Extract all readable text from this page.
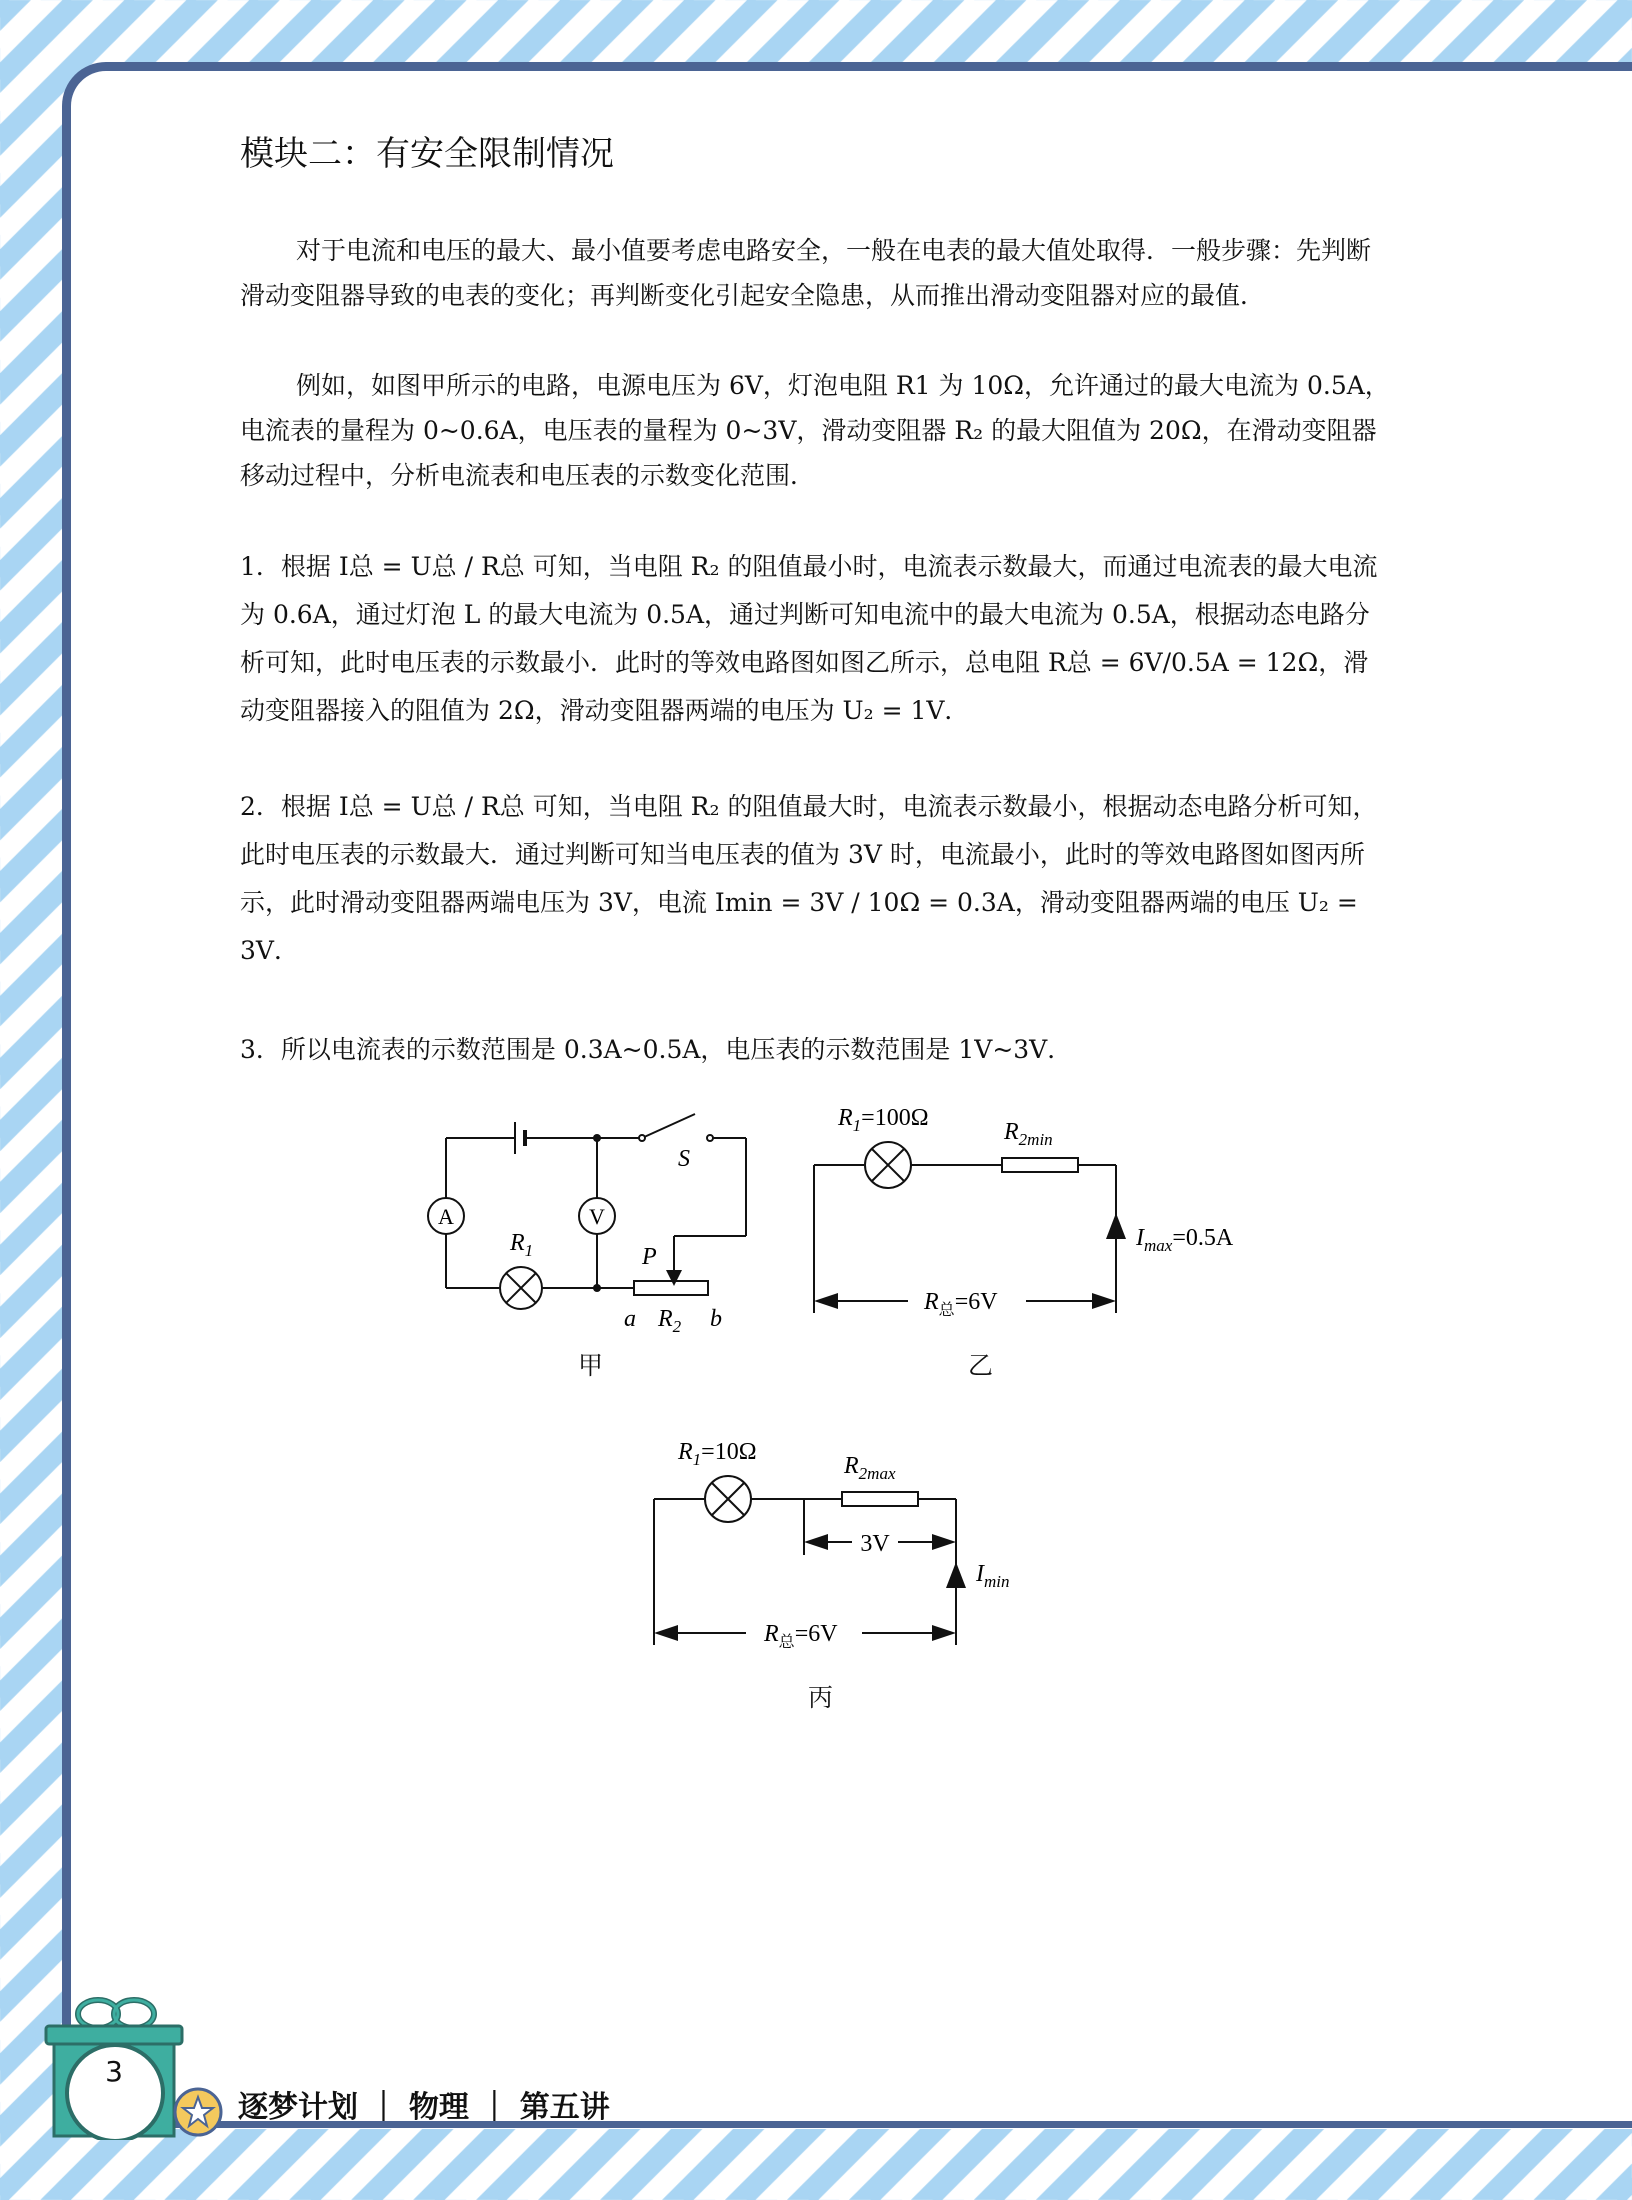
模块二：有安全限制情况

对于电流和电压的最大、最小值要考虑电路安全，一般在电表的最大值处取得．一般步骤：先判断滑动变阻器导致的电表的变化；再判断变化引起安全隐患，从而推出滑动变阻器对应的最值．

例如，如图甲所示的电路，电源电压为 6V，灯泡电阻 R1 为 10Ω，允许通过的最大电流为 0.5A，电流表的量程为 0~0.6A，电压表的量程为 0~3V，滑动变阻器 R₂ 的最大阻值为 20Ω，在滑动变阻器移动过程中，分析电流表和电压表的示数变化范围．

1．根据 I总 = U总 / R总 可知，当电阻 R₂ 的阻值最小时，电流表示数最大，而通过电流表的最大电流为 0.6A，通过灯泡 L 的最大电流为 0.5A，通过判断可知电流中的最大电流为 0.5A，根据动态电路分析可知，此时电压表的示数最小．此时的等效电路图如图乙所示，总电阻 R总 = 6V/0.5A = 12Ω，滑动变阻器接入的阻值为 2Ω，滑动变阻器两端的电压为 U₂ = 1V．

2．根据 I总 = U总 / R总 可知，当电阻 R₂ 的阻值最大时，电流表示数最小，根据动态电路分析可知，此时电压表的示数最大．通过判断可知当电压表的值为 3V 时，电流最小，此时的等效电路图如图丙所示，此时滑动变阻器两端电压为 3V，电流 Imin = 3V / 10Ω = 0.3A，滑动变阻器两端的电压 U₂ = 3V．

3．所以电流表的示数范围是 0.3A~0.5A，电压表的示数范围是 1V~3V．

A	V
S
P
$R_1$
a $R_2$ b
甲
$R_1=100\Omega$
$R_{2min}$
$I_{max}=0.5A$
$R_总=6V$
乙
$R_1=10\Omega$
$R_{2max}$
3V
$I_{min}$
$R_总=6V$
丙
3
逐梦计划 ｜ 物理 ｜ 第五讲
